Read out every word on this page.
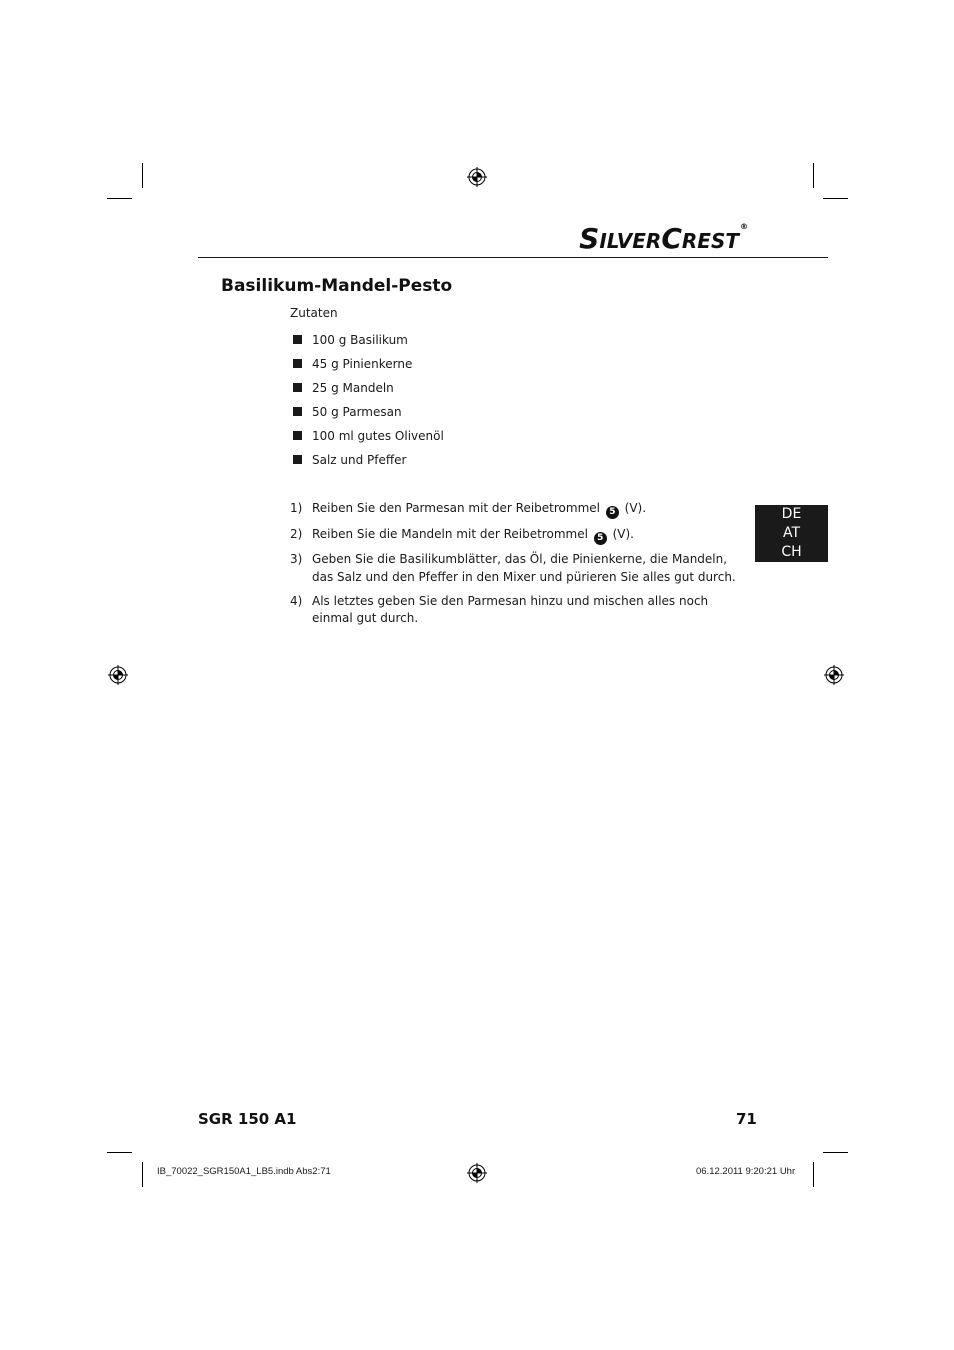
SILVERCREST®
Basilikum-Mandel-Pesto
Zutaten
100 g Basilikum
45 g Pinienkerne
25 g Mandeln
50 g Parmesan
100 ml gutes Olivenöl
Salz und Pfeffer
1) Reiben Sie den Parmesan mit der Reibetrommel 5 (V).
2) Reiben Sie die Mandeln mit der Reibetrommel 5 (V).
3) Geben Sie die Basilikumblätter, das Öl, die Pinienkerne, die Mandeln, das Salz und den Pfeffer in den Mixer und pürieren Sie alles gut durch.
4) Als letztes geben Sie den Parmesan hinzu und mischen alles noch einmal gut durch.
DE
AT
CH
SGR 150 A1	71
IB_70022_SGR150A1_LB5.indb Abs2:71	06.12.2011 9:20:21 Uhr
